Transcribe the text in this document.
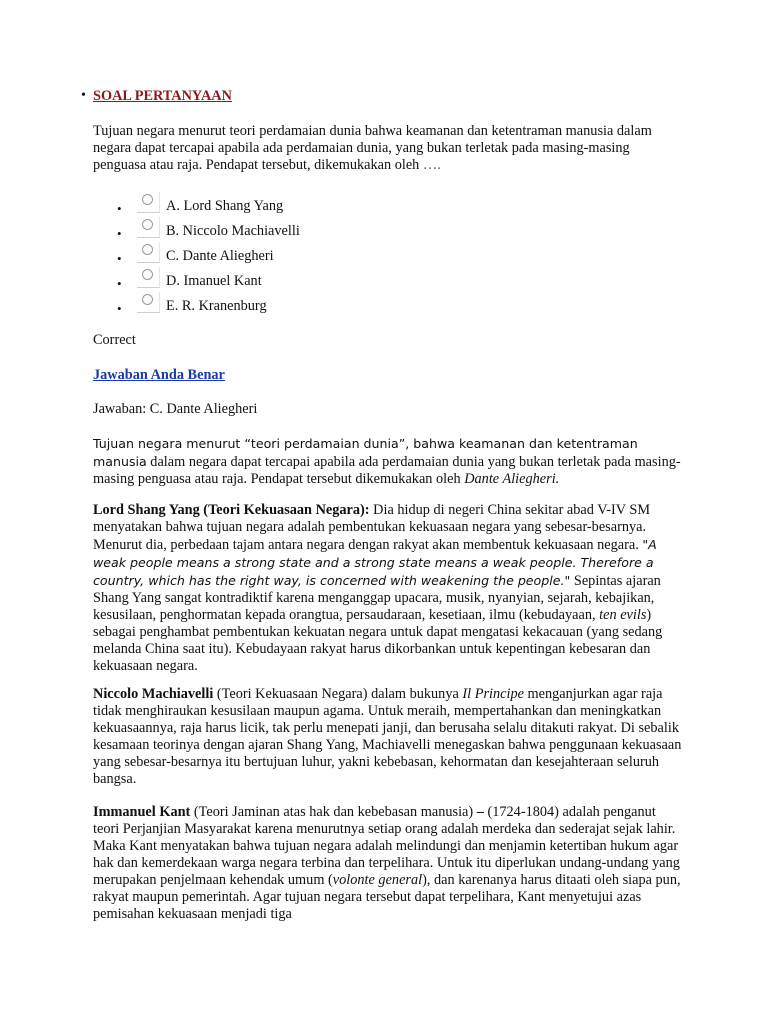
• SOAL PERTANYAAN

Tujuan negara menurut teori perdamaian dunia bahwa keamanan dan ketentraman manusia dalam negara dapat tercapai apabila ada perdamaian dunia, yang bukan terletak pada masing-masing penguasa atau raja. Pendapat tersebut, dikemukakan oleh ….

•	A. Lord Shang Yang
•	B. Niccolo Machiavelli
•	C. Dante Aliegheri
•	D. Imanuel Kant
•	E. R. Kranenburg
Correct
Jawaban Anda Benar
Jawaban: C. Dante Aliegheri

Tujuan negara menurut “teori perdamaian dunia”, bahwa keamanan dan ketentraman manusia dalam negara dapat tercapai apabila ada perdamaian dunia yang bukan terletak pada masing-masing penguasa atau raja. Pendapat tersebut dikemukakan oleh Dante Aliegheri.

Lord Shang Yang (Teori Kekuasaan Negara): Dia hidup di negeri China sekitar abad V-IV SM menyatakan bahwa tujuan negara adalah pembentukan kekuasaan negara yang sebesar-besarnya. Menurut dia, perbedaan tajam antara negara dengan rakyat akan membentuk kekuasaan negara. "A weak people means a strong state and a strong state means a weak people. Therefore a country, which has the right way, is concerned with weakening the people." Sepintas ajaran Shang Yang sangat kontradiktif karena menganggap upacara, musik, nyanyian, sejarah, kebajikan, kesusilaan, penghormatan kepada orangtua, persaudaraan, kesetiaan, ilmu (kebudayaan, ten evils) sebagai penghambat pembentukan kekuatan negara untuk dapat mengatasi kekacauan (yang sedang melanda China saat itu). Kebudayaan rakyat harus dikorbankan untuk kepentingan kebesaran dan kekuasaan negara.

Niccolo Machiavelli (Teori Kekuasaan Negara) dalam bukunya Il Principe menganjurkan agar raja tidak menghiraukan kesusilaan maupun agama. Untuk meraih, mempertahankan dan meningkatkan kekuasaannya, raja harus licik, tak perlu menepati janji, dan berusaha selalu ditakuti rakyat. Di sebalik kesamaan teorinya dengan ajaran Shang Yang, Machiavelli menegaskan bahwa penggunaan kekuasaan yang sebesar-besarnya itu bertujuan luhur, yakni kebebasan, kehormatan dan kesejahteraan seluruh bangsa.

Immanuel Kant (Teori Jaminan atas hak dan kebebasan manusia) – (1724-1804) adalah penganut teori Perjanjian Masyarakat karena menurutnya setiap orang adalah merdeka dan sederajat sejak lahir. Maka Kant menyatakan bahwa tujuan negara adalah melindungi dan menjamin ketertiban hukum agar hak dan kemerdekaan warga negara terbina dan terpelihara. Untuk itu diperlukan undang-undang yang merupakan penjelmaan kehendak umum (volonte general), dan karenanya harus ditaati oleh siapa pun, rakyat maupun pemerintah. Agar tujuan negara tersebut dapat terpelihara, Kant menyetujui azas pemisahan kekuasaan menjadi tiga
